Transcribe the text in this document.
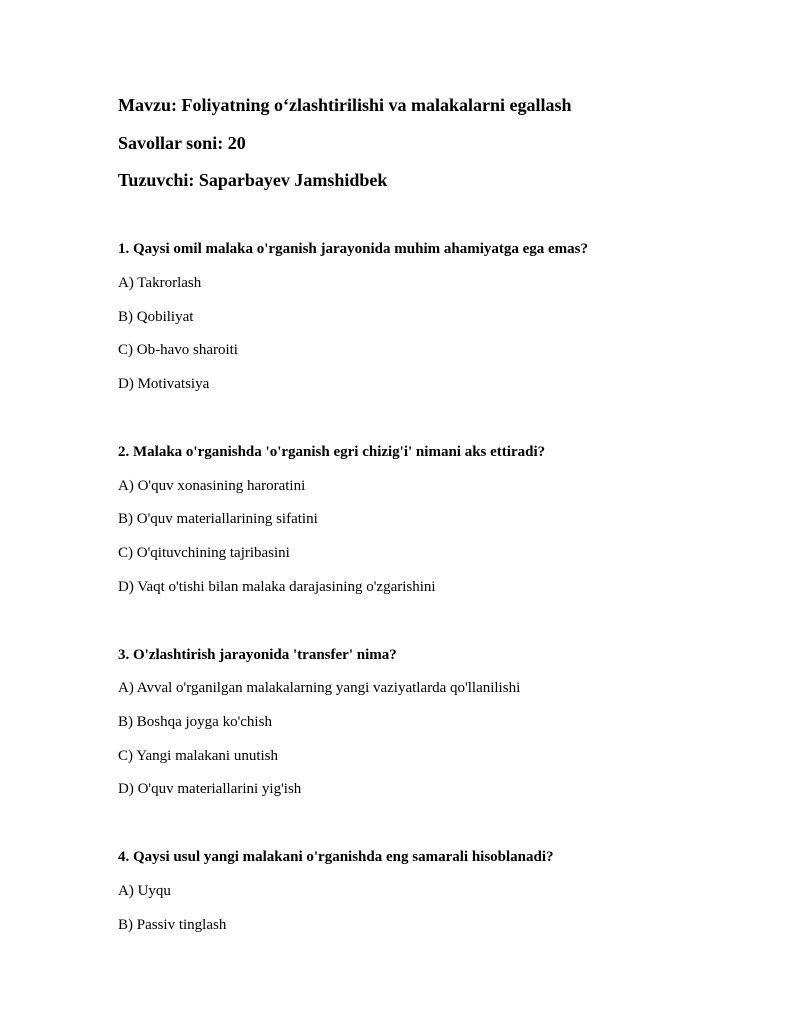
Mavzu: Foliyatning o‘zlashtirilishi va malakalarni egallash
Savollar soni: 20
Tuzuvchi: Saparbayev Jamshidbek
1. Qaysi omil malaka o'rganish jarayonida muhim ahamiyatga ega emas?
A) Takrorlash
B) Qobiliyat
C) Ob-havo sharoiti
D) Motivatsiya
2. Malaka o'rganishda 'o'rganish egri chizig'i' nimani aks ettiradi?
A) O'quv xonasining haroratini
B) O'quv materiallarining sifatini
C) O'qituvchining tajribasini
D) Vaqt o'tishi bilan malaka darajasining o'zgarishini
3. O'zlashtirish jarayonida 'transfer' nima?
A) Avval o'rganilgan malakalarning yangi vaziyatlarda qo'llanilishi
B) Boshqa joyga ko'chish
C) Yangi malakani unutish
D) O'quv materiallarini yig'ish
4. Qaysi usul yangi malakani o'rganishda eng samarali hisoblanadi?
A) Uyqu
B) Passiv tinglash
